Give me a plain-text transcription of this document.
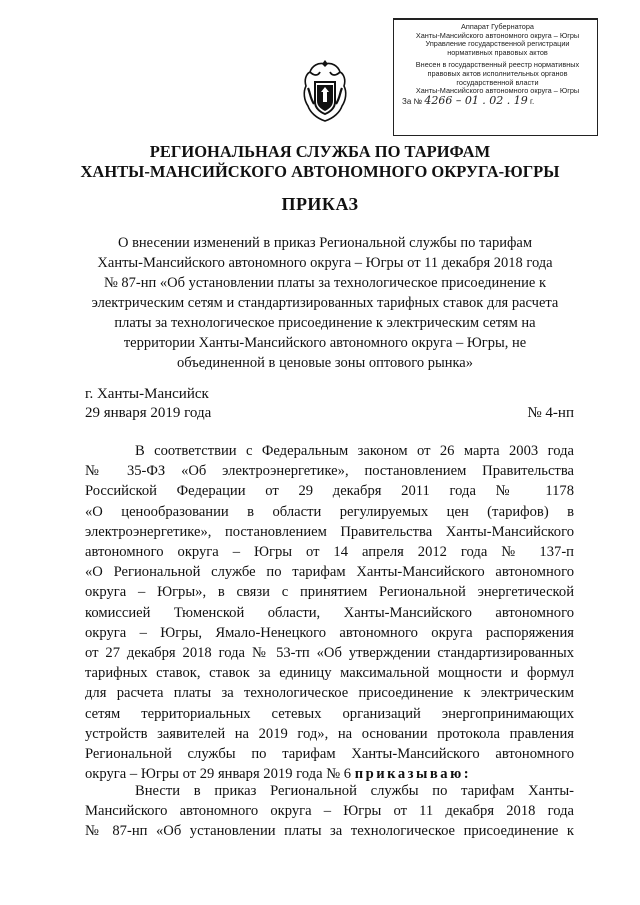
Аппарат Губернатора
Ханты-Мансийского автономного округа – Югры
Управление государственной регистрации
нормативных правовых актов
Внесен в государственный реестр нормативных
правовых актов исполнительных органов
государственной власти
Ханты-Мансийского автономного округа – Югры
За № 4266 – 01 . 02 . 19 г.
РЕГИОНАЛЬНАЯ СЛУЖБА ПО ТАРИФАМ
ХАНТЫ-МАНСИЙСКОГО АВТОНОМНОГО ОКРУГА-ЮГРЫ
ПРИКАЗ
О внесении изменений в приказ Региональной службы по тарифам
Ханты-Мансийского автономного округа – Югры от 11 декабря 2018 года
№ 87-нп «Об установлении платы за технологическое присоединение к
электрическим сетям и стандартизированных тарифных ставок для расчета
платы за технологическое присоединение к электрическим сетям на
территории Ханты-Мансийского автономного округа – Югры, не
объединенной в ценовые зоны оптового рынка»
г. Ханты-Мансийск
29 января 2019 года	№ 4-нп
В соответствии с Федеральным законом от 26 марта 2003 года
№ 35-ФЗ «Об электроэнергетике», постановлением Правительства
Российской Федерации от 29 декабря 2011 года № 1178
«О ценообразовании в области регулируемых цен (тарифов) в
электроэнергетике», постановлением Правительства Ханты-Мансийского
автономного округа – Югры от 14 апреля 2012 года № 137-п
«О Региональной службе по тарифам Ханты-Мансийского автономного
округа – Югры», в связи с принятием Региональной энергетической
комиссией Тюменской области, Ханты-Мансийского автономного
округа – Югры, Ямало-Ненецкого автономного округа распоряжения
от 27 декабря 2018 года № 53-тп «Об утверждении стандартизированных
тарифных ставок, ставок за единицу максимальной мощности и формул
для расчета платы за технологическое присоединение к электрическим
сетям территориальных сетевых организаций энергопринимающих
устройств заявителей на 2019 год», на основании протокола правления
Региональной службы по тарифам Ханты-Мансийского автономного
округа – Югры от 29 января 2019 года № 6 приказываю:
Внести в приказ Региональной службы по тарифам Ханты-
Мансийского автономного округа – Югры от 11 декабря 2018 года
№ 87-нп «Об установлении платы за технологическое присоединение к
